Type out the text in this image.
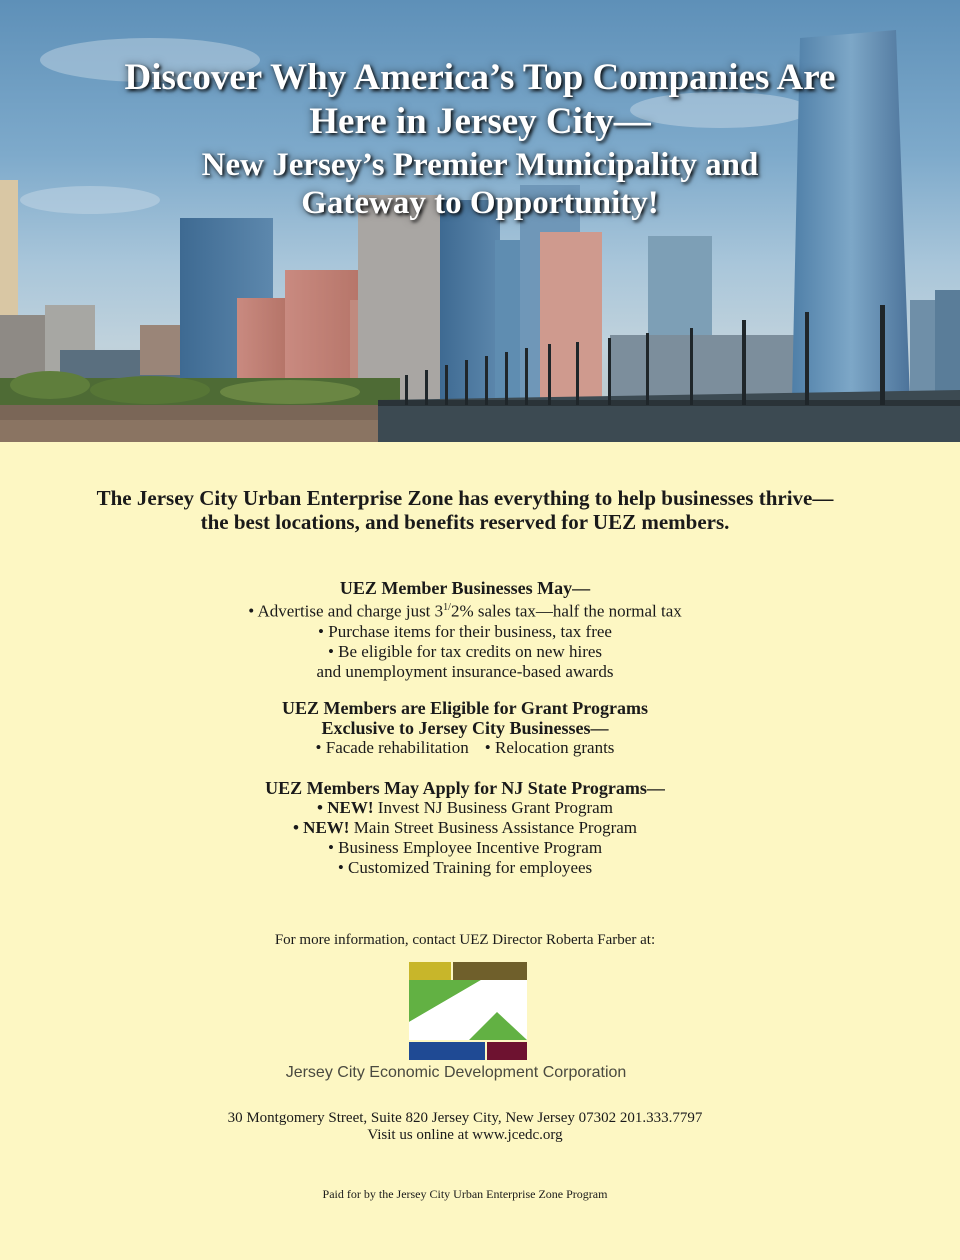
Discover Why America’s Top Companies Are
Here in Jersey City—
New Jersey’s Premier Municipality and
Gateway to Opportunity!
The Jersey City Urban Enterprise Zone has everything to help businesses thrive—
the best locations, and benefits reserved for UEZ members.
UEZ Member Businesses May—
• Advertise and charge just $3^{1/}2\%$ sales tax—half the normal tax
• Purchase items for their business, tax free
• Be eligible for tax credits on new hires
and unemployment insurance-based awards
UEZ Members are Eligible for Grant Programs
Exclusive to Jersey City Businesses—
• Facade rehabilitation • Relocation grants
UEZ Members May Apply for NJ State Programs—
• NEW! Invest NJ Business Grant Program
• NEW! Main Street Business Assistance Program
• Business Employee Incentive Program
• Customized Training for employees
For more information, contact UEZ Director Roberta Farber at:
Jersey City Economic Development Corporation
30 Montgomery Street, Suite 820 Jersey City, New Jersey 07302 201.333.7797
Visit us online at www.jcedc.org
Paid for by the Jersey City Urban Enterprise Zone Program
